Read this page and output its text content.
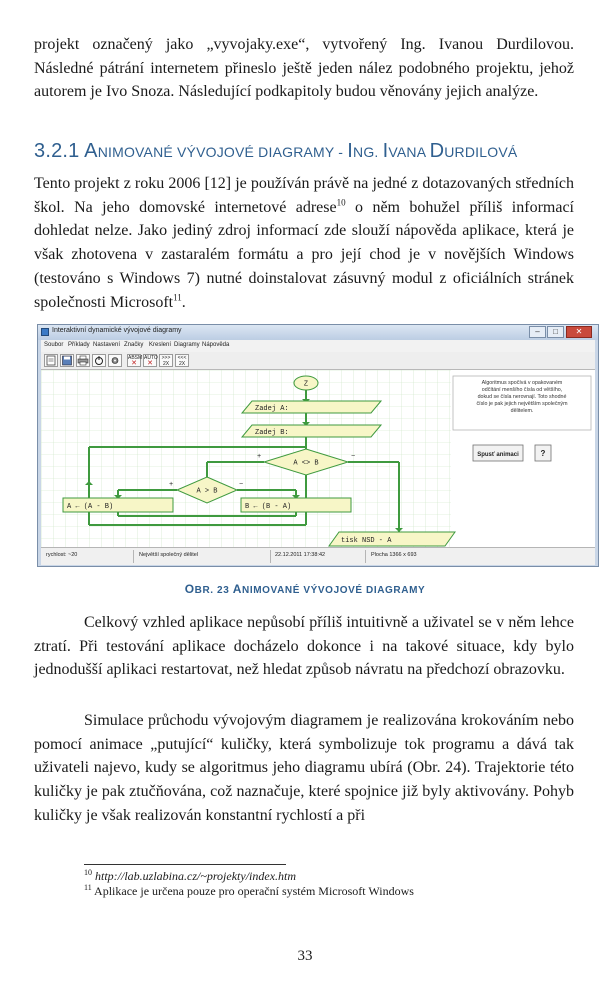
projekt označený jako „vyvojaky.exe“, vytvořený Ing. Ivanou Durdilovou. Následné pátrání internetem přineslo ještě jeden nález podobného projektu, jehož autorem je Ivo Snoza. Následující podkapitoly budou věnovány jejich analýze.

3.2.1 ANIMOVANÉ VÝVOJOVÉ DIAGRAMY - ING. IVANA DURDILOVÁ

Tento projekt z roku 2006 [12] je používán právě na jedné z dotazovaných středních škol. Na jeho domovské internetové adrese$^{10}$ o něm bohužel příliš informací dohledat nelze. Jako jediný zdroj informací zde slouží nápověda aplikace, která je však zhotovena v zastaralém formátu a pro její chod je v novějších Windows (testováno s Windows 7) nutné doinstalovat zásuvný modul z oficiálních stránek společnosti Microsoft$^{11}$.

Interaktivní dynamické vývojové diagramy	–	□	✕
Soubor Příklady Nastavení Značky Kreslení Diagramy Nápověda
ABSM
✕
AUTO
✕
>>>
2X
<<<
2X
Z
Zadej A:
Zadej B:
A <> B
A > B
A ← (A - B)	B ← (B - A)
tisk NSD - A
+	−
+	−
Algoritmus spočívá v opakovaném
odčítání menšího čísla od většího,
dokud se čísla nerovnají. Toto shodné
číslo je pak jejich největším společným
dělitelem.
Spusť animaci	?
rychlost: ~20	Největší společný dělitel	22.12.2011 17:38:42	Plocha 1366 x 693
OBR. 23 ANIMOVANÉ VÝVOJOVÉ DIAGRAMY

Celkový vzhled aplikace nepůsobí příliš intuitivně a uživatel se v něm lehce ztratí. Při testování aplikace docházelo dokonce i na takové situace, kdy bylo jednodušší aplikaci restartovat, než hledat způsob návratu na předchozí obrazovku.

Simulace průchodu vývojovým diagramem je realizována krokováním nebo pomocí animace „putující“ kuličky, která symbolizuje tok programu a dává tak uživateli najevo, kudy se algoritmus jeho diagramu ubírá (Obr. 24). Trajektorie této kuličky je pak ztučňována, což naznačuje, které spojnice již byly aktivovány. Pohyb kuličky je však realizován konstantní rychlostí a při

$^{10}$ http://lab.uzlabina.cz/~projekty/index.htm
$^{11}$ Aplikace je určena pouze pro operační systém Microsoft Windows
33
